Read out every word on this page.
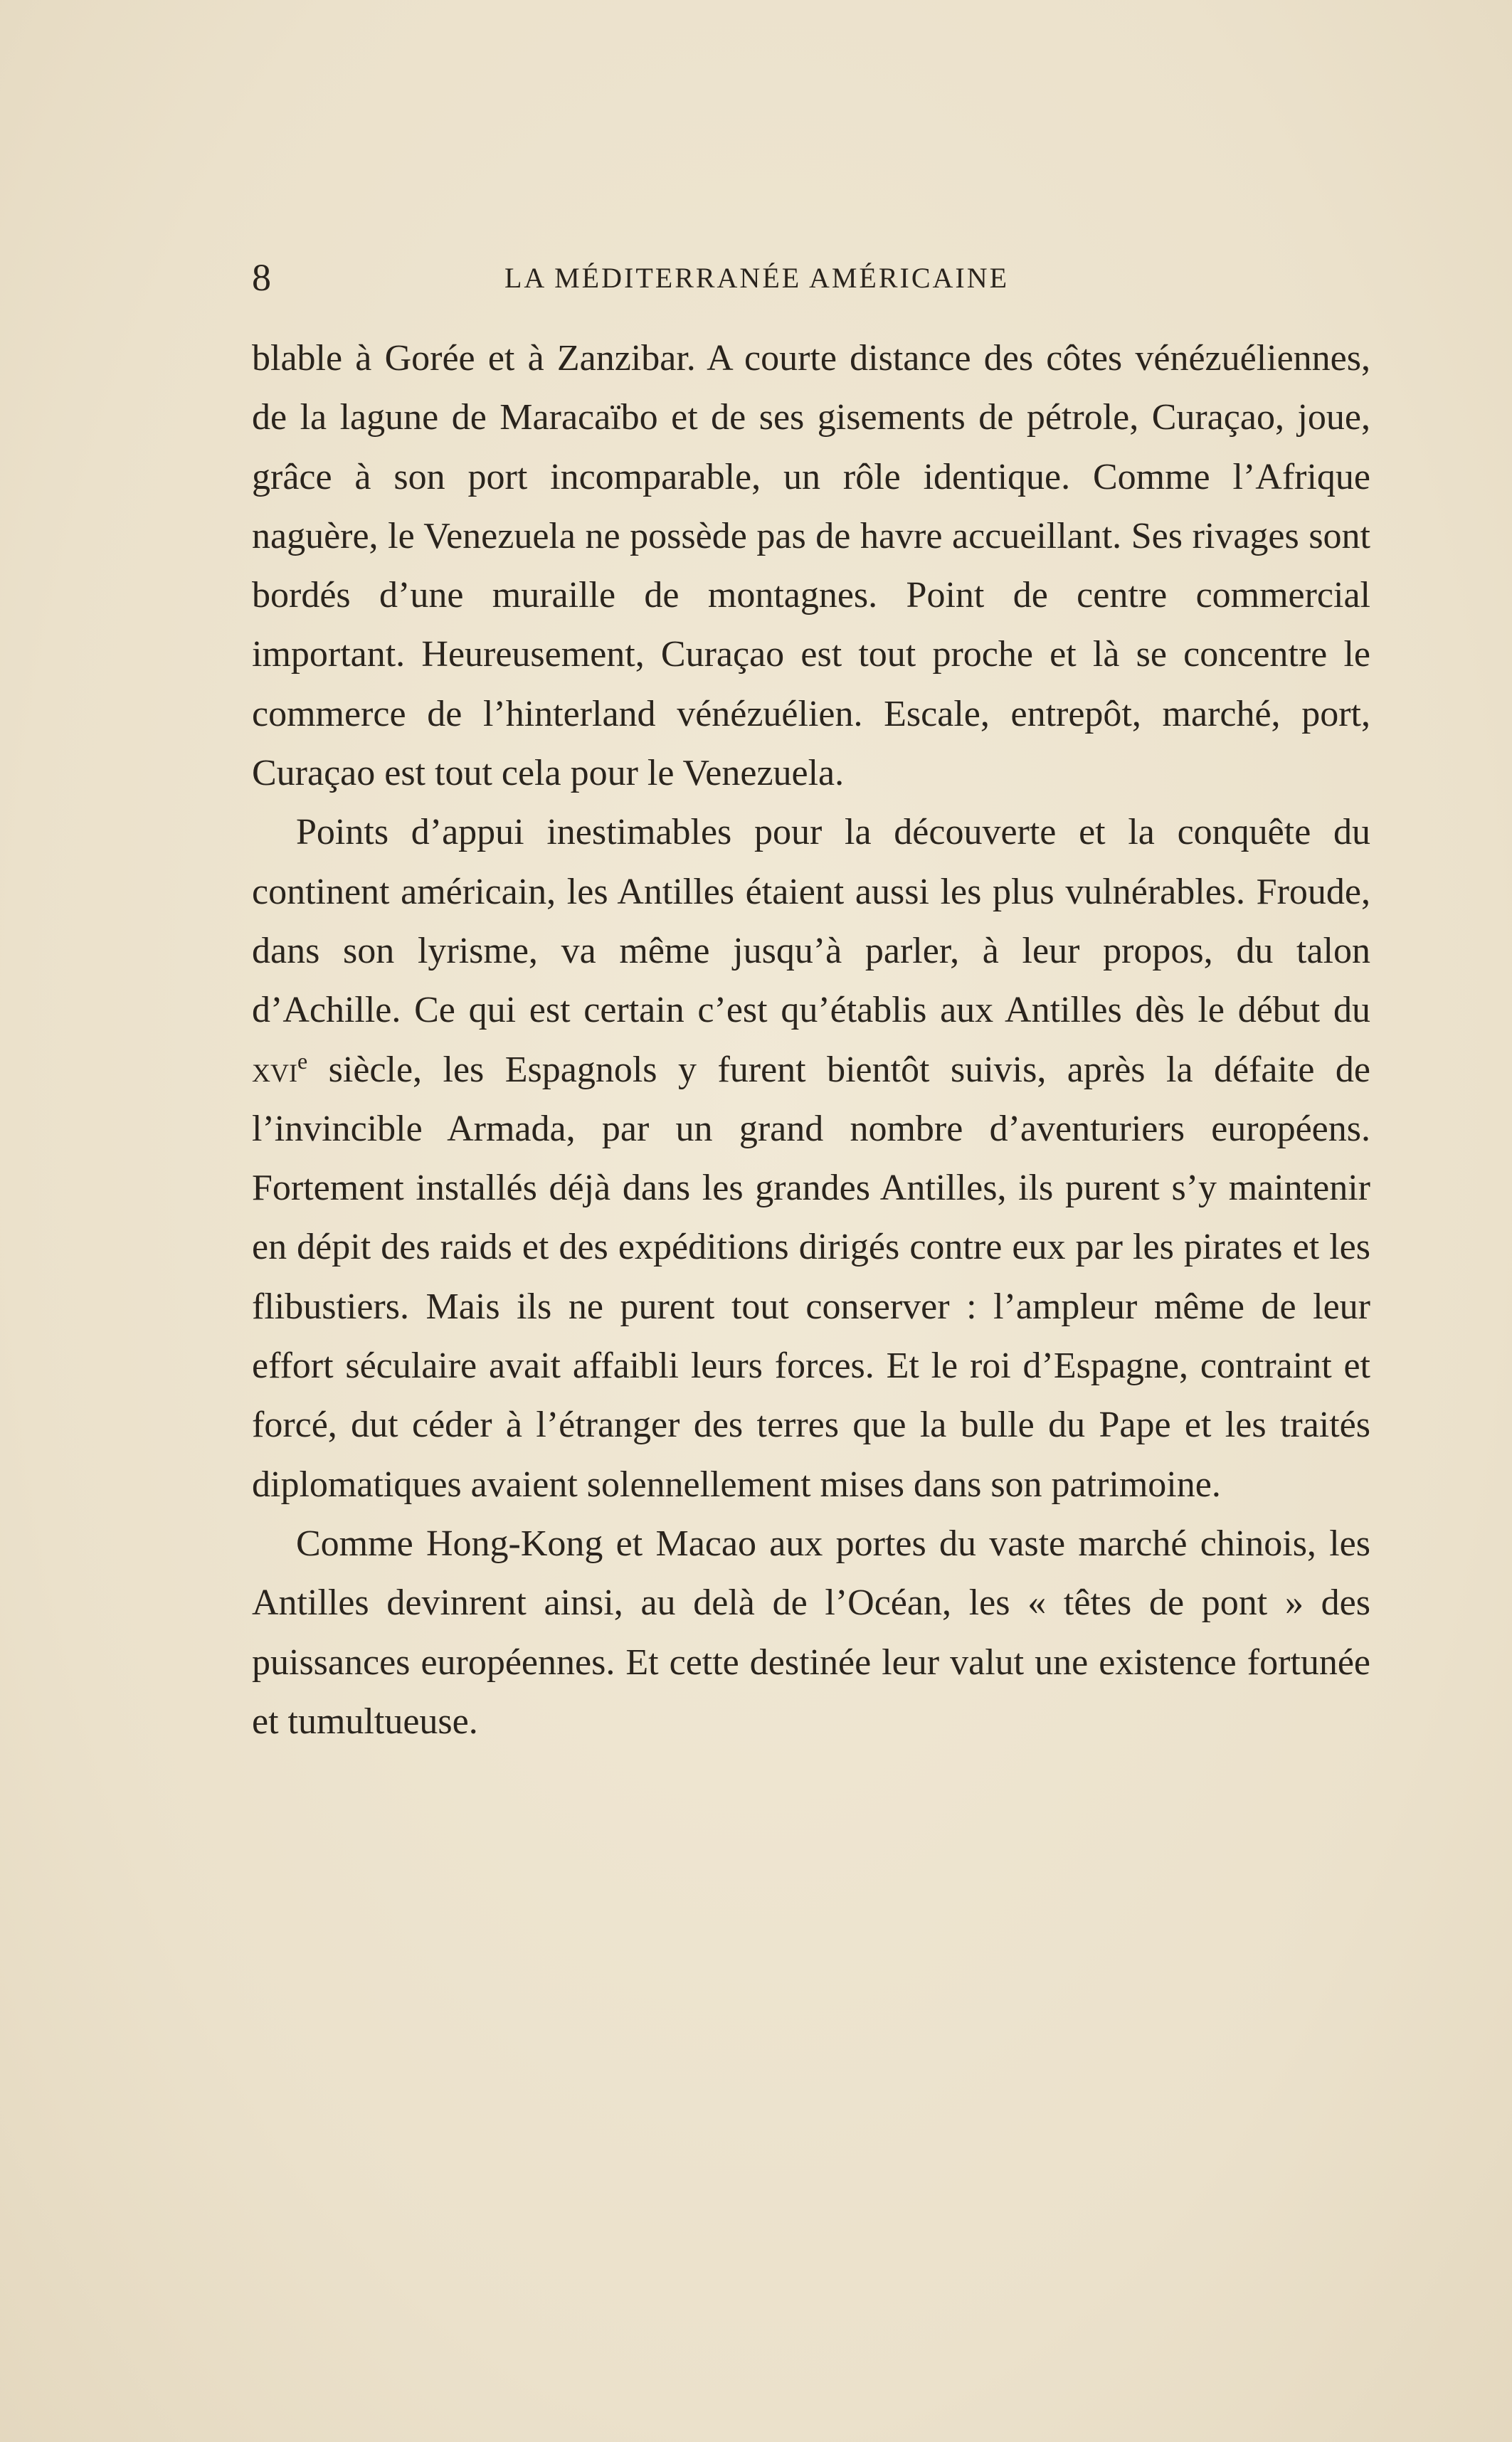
8	LA MÉDITERRANÉE AMÉRICAINE

blable à Gorée et à Zanzibar. A courte distance des côtes vénézuéliennes, de la lagune de Maracaïbo et de ses gisements de pétrole, Curaçao, joue, grâce à son port incomparable, un rôle identique. Comme l’Afrique naguère, le Venezuela ne possède pas de havre accueillant. Ses rivages sont bordés d’une muraille de montagnes. Point de centre commercial important. Heureusement, Curaçao est tout proche et là se concentre le commerce de l’hinterland vénézuélien. Escale, entrepôt, marché, port, Curaçao est tout cela pour le Venezuela.

Points d’appui inestimables pour la découverte et la conquête du continent américain, les Antilles étaient aussi les plus vulnérables. Froude, dans son lyrisme, va même jusqu’à parler, à leur propos, du talon d’Achille. Ce qui est certain c’est qu’établis aux Antilles dès le début du xvi$^e$ siècle, les Espagnols y furent bientôt suivis, après la défaite de l’invincible Armada, par un grand nombre d’aventuriers européens. Fortement installés déjà dans les grandes Antilles, ils purent s’y maintenir en dépit des raids et des expéditions dirigés contre eux par les pirates et les flibustiers. Mais ils ne purent tout conserver : l’ampleur même de leur effort séculaire avait affaibli leurs forces. Et le roi d’Espagne, contraint et forcé, dut céder à l’étranger des terres que la bulle du Pape et les traités diplomatiques avaient solennellement mises dans son patrimoine.

Comme Hong-Kong et Macao aux portes du vaste marché chinois, les Antilles devinrent ainsi, au delà de l’Océan, les « têtes de pont » des puissances européennes. Et cette destinée leur valut une existence fortunée et tumultueuse.
